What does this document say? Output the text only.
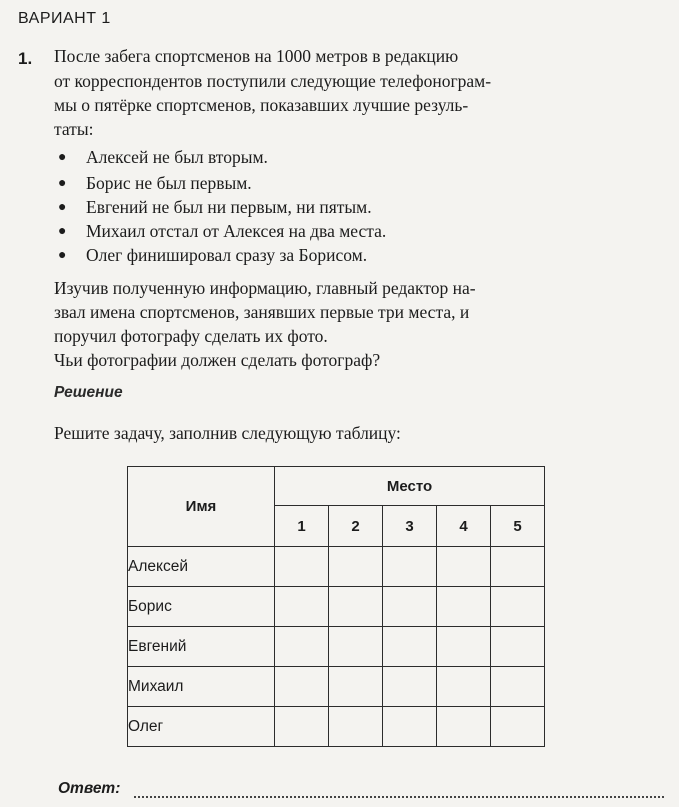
ВАРИАНТ 1
1. После забега спортсменов на 1000 метров в редакцию
от корреспондентов поступили следующие телефонограм-
мы о пятёрке спортсменов, показавших лучшие резуль-
таты:
● Алексей не был вторым.
● Борис не был первым.
● Евгений не был ни первым, ни пятым.
● Михаил отстал от Алексея на два места.
● Олег финишировал сразу за Борисом.
Изучив полученную информацию, главный редактор на-
звал имена спортсменов, занявших первые три места, и
поручил фотографу сделать их фото.
Чьи фотографии должен сделать фотограф?
Решение
Решите задачу, заполнив следующую таблицу:
Имя	Место				
	1	2	3	4	5
Алексей					
Борис					
Евгений					
Михаил					
Олег					
Ответ:
